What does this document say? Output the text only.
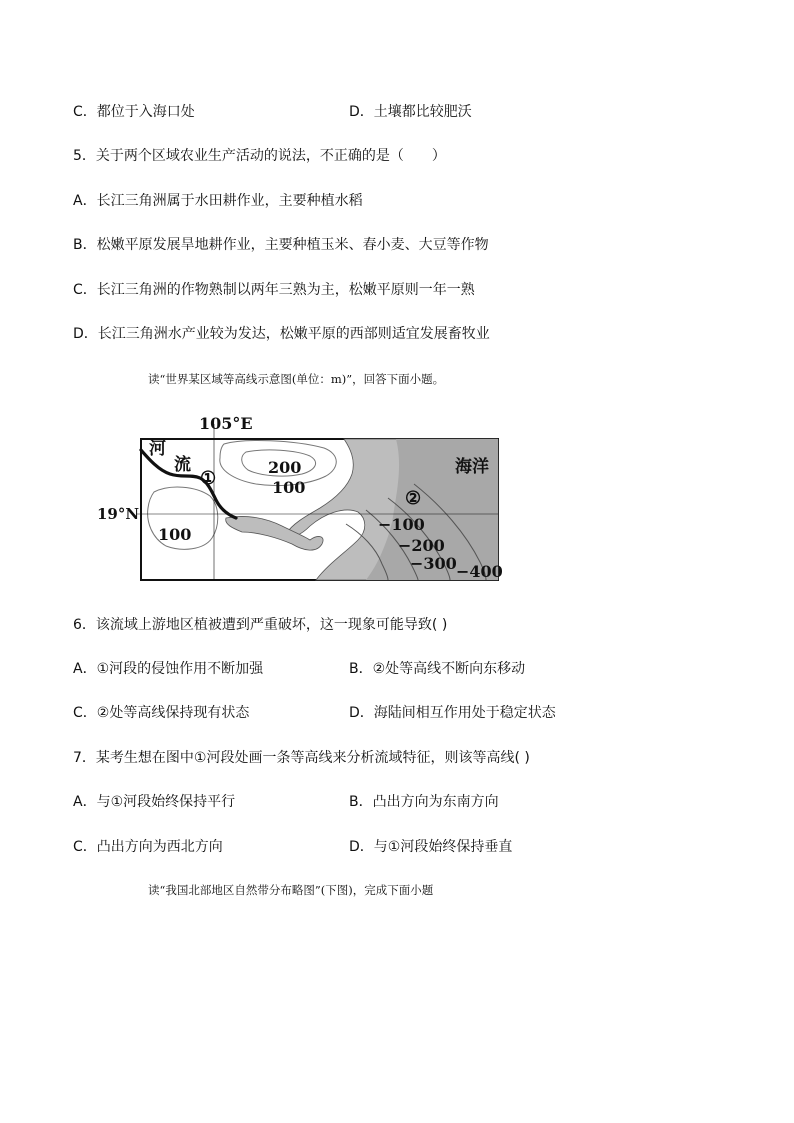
C．都位于入海口处	D．土壤都比较肥沃
5．关于两个区域农业生产活动的说法，不正确的是（　　）
A．长江三角洲属于水田耕作业，主要种植水稻
B．松嫩平原发展旱地耕作业，主要种植玉米、春小麦、大豆等作物
C．长江三角洲的作物熟制以两年三熟为主，松嫩平原则一年一熟
D．长江三角洲水产业较为发达，松嫩平原的西部则适宜发展畜牧业
读“世界某区域等高线示意图(单位：m)”，回答下面小题。
105°E
19°N
河
流	海洋
①
②
200
100
100
−100
−200
−300 −400
6．该流域上游地区植被遭到严重破坏，这一现象可能导致( )
A．①河段的侵蚀作用不断加强	B．②处等高线不断向东移动
C．②处等高线保持现有状态	D．海陆间相互作用处于稳定状态
7．某考生想在图中①河段处画一条等高线来分析流域特征，则该等高线( )
A．与①河段始终保持平行	B．凸出方向为东南方向
C．凸出方向为西北方向	D．与①河段始终保持垂直
读“我国北部地区自然带分布略图”(下图)，完成下面小题
